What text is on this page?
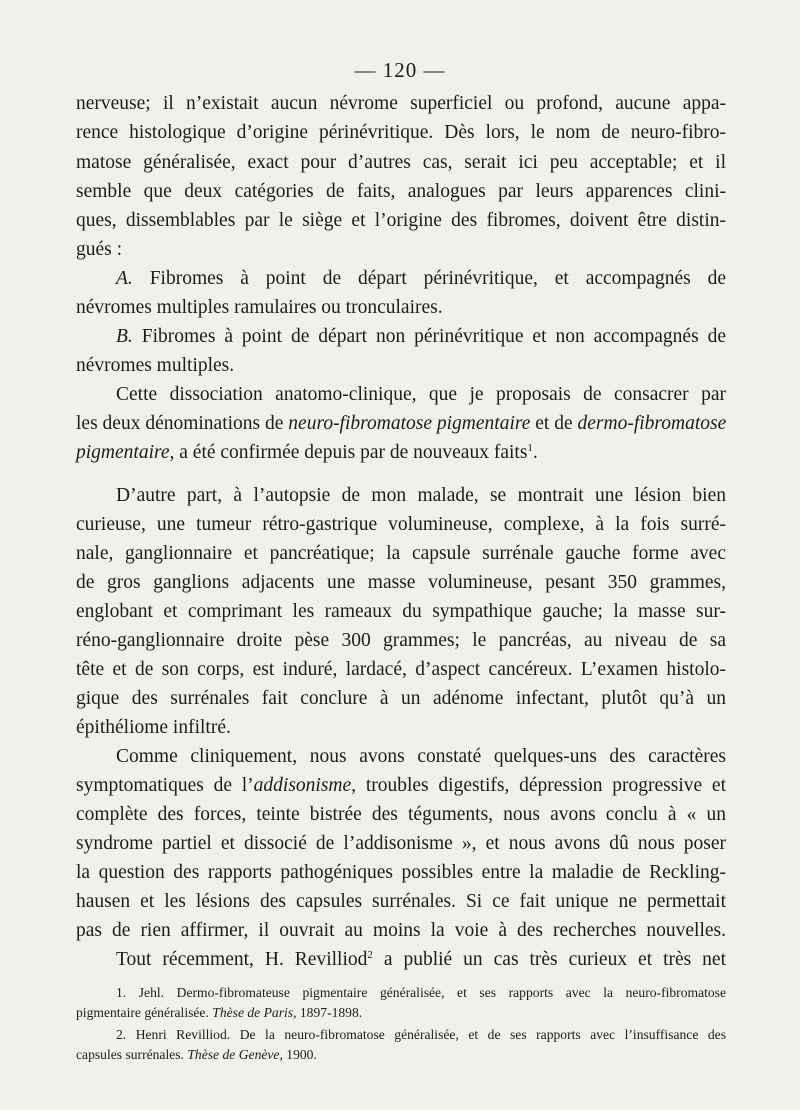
— 120 —
nerveuse; il n’existait aucun névrome superficiel ou profond, aucune appa-
rence histologique d’origine périnévritique. Dès lors, le nom de neuro-fibro-
matose généralisée, exact pour d’autres cas, serait ici peu acceptable; et il
semble que deux catégories de faits, analogues par leurs apparences clini-
ques, dissemblables par le siège et l’origine des fibromes, doivent être distin-
gués :
A. Fibromes à point de départ périnévritique, et accompagnés de
névromes multiples ramulaires ou tronculaires.
B. Fibromes à point de départ non périnévritique et non accompagnés de
névromes multiples.
Cette dissociation anatomo-clinique, que je proposais de consacrer par
les deux dénominations de neuro-fibromatose pigmentaire et de dermo-fibromatose
pigmentaire, a été confirmée depuis par de nouveaux faits$^1$.
D’autre part, à l’autopsie de mon malade, se montrait une lésion bien
curieuse, une tumeur rétro-gastrique volumineuse, complexe, à la fois surré-
nale, ganglionnaire et pancréatique; la capsule surrénale gauche forme avec
de gros ganglions adjacents une masse volumineuse, pesant 350 grammes,
englobant et comprimant les rameaux du sympathique gauche; la masse sur-
réno-ganglionnaire droite pèse 300 grammes; le pancréas, au niveau de sa
tête et de son corps, est induré, lardacé, d’aspect cancéreux. L’examen histolo-
gique des surrénales fait conclure à un adénome infectant, plutôt qu’à un
épithéliome infiltré.
Comme cliniquement, nous avons constaté quelques-uns des caractères
symptomatiques de l’addisonisme, troubles digestifs, dépression progressive et
complète des forces, teinte bistrée des téguments, nous avons conclu à « un
syndrome partiel et dissocié de l’addisonisme », et nous avons dû nous poser
la question des rapports pathogéniques possibles entre la maladie de Reckling-
hausen et les lésions des capsules surrénales. Si ce fait unique ne permettait
pas de rien affirmer, il ouvrait au moins la voie à des recherches nouvelles.
Tout récemment, H. Revilliod$^2$ a publié un cas très curieux et très net
1. Jehl. Dermo-fibromateuse pigmentaire généralisée, et ses rapports avec la neuro-fibromatose
pigmentaire généralisée. Thèse de Paris, 1897-1898.
2. Henri Revilliod. De la neuro-fibromatose généralisée, et de ses rapports avec l’insuffisance des
capsules surrénales. Thèse de Genève, 1900.
